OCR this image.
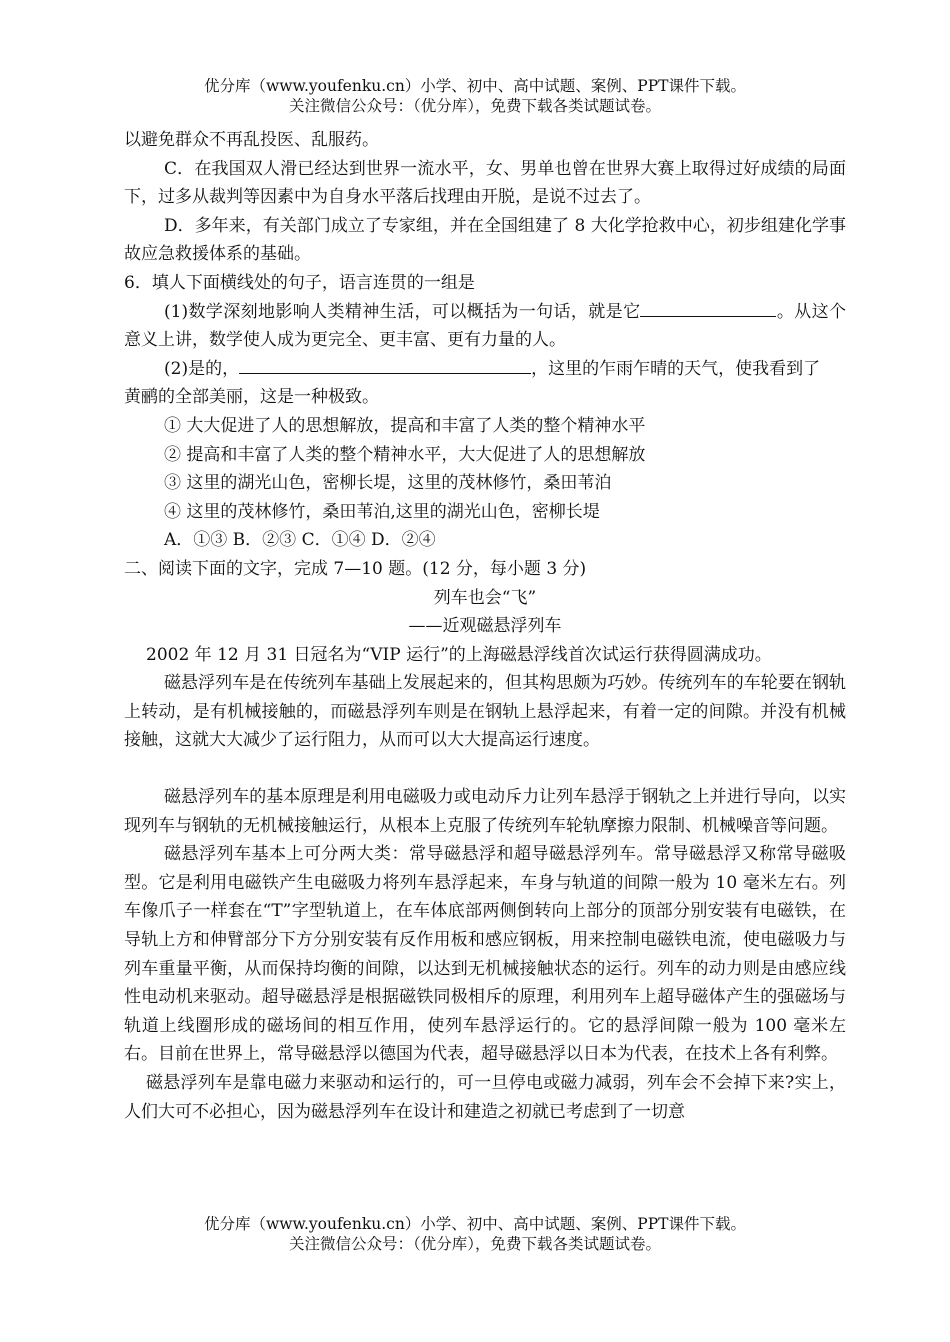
优分库（www.youfenku.cn）小学、初中、高中试题、案例、PPT课件下载。
关注微信公众号：（优分库），免费下载各类试题试卷。

以避免群众不再乱投医、乱服药。

C．在我国双人滑已经达到世界一流水平，女、男单也曾在世界大赛上取得过好成绩的局面下，过多从裁判等因素中为自身水平落后找理由开脱，是说不过去了。

D．多年来，有关部门成立了专家组，并在全国组建了 8 大化学抢救中心，初步组建化学事故应急救援体系的基础。

6．填人下面横线处的句子，语言连贯的一组是

(1)数学深刻地影响人类精神生活，可以概括为一句话，就是它	。从这个意义上讲，数学使人成为更完全、更丰富、更有力量的人。

(2)是的，	，这里的乍雨乍晴的天气，使我看到了

黄鹂的全部美丽，这是一种极致。

① 大大促进了人的思想解放，提高和丰富了人类的整个精神水平

② 提高和丰富了人类的整个精神水平，大大促进了人的思想解放

③ 这里的湖光山色，密柳长堤，这里的茂林修竹，桑田苇泊

④ 这里的茂林修竹，桑田苇泊,这里的湖光山色，密柳长堤

A．①③ B．②③ C．①④ D．②④

二、阅读下面的文字，完成 7—10 题。(12 分，每小题 3 分)

列车也会“飞”

——近观磁悬浮列车

2002 年 12 月 31 日冠名为“VIP 运行”的上海磁悬浮线首次试运行获得圆满成功。

磁悬浮列车是在传统列车基础上发展起来的，但其构思颇为巧妙。传统列车的车轮要在钢轨上转动，是有机械接触的，而磁悬浮列车则是在钢轨上悬浮起来，有着一定的间隙。并没有机械接触，这就大大减少了运行阻力，从而可以大大提高运行速度。

磁悬浮列车的基本原理是利用电磁吸力或电动斥力让列车悬浮于钢轨之上并进行导向，以实现列车与钢轨的无机械接触运行，从根本上克服了传统列车轮轨摩擦力限制、机械噪音等问题。

磁悬浮列车基本上可分两大类：常导磁悬浮和超导磁悬浮列车。常导磁悬浮又称常导磁吸型。它是利用电磁铁产生电磁吸力将列车悬浮起来，车身与轨道的间隙一般为 10 毫米左右。列车像爪子一样套在“T”字型轨道上，在车体底部两侧倒转向上部分的顶部分别安装有电磁铁，在导轨上方和伸臂部分下方分别安装有反作用板和感应钢板，用来控制电磁铁电流，使电磁吸力与列车重量平衡，从而保持均衡的间隙，以达到无机械接触状态的运行。列车的动力则是由感应线性电动机来驱动。超导磁悬浮是根据磁铁同极相斥的原理，利用列车上超导磁体产生的强磁场与轨道上线圈形成的磁场间的相互作用，使列车悬浮运行的。它的悬浮间隙一般为 100 毫米左右。目前在世界上，常导磁悬浮以德国为代表，超导磁悬浮以日本为代表，在技术上各有利弊。

磁悬浮列车是靠电磁力来驱动和运行的，可一旦停电或磁力减弱，列车会不会掉下来?实上，人们大可不必担心，因为磁悬浮列车在设计和建造之初就已考虑到了一切意

优分库（www.youfenku.cn）小学、初中、高中试题、案例、PPT课件下载。
关注微信公众号：（优分库），免费下载各类试题试卷。
